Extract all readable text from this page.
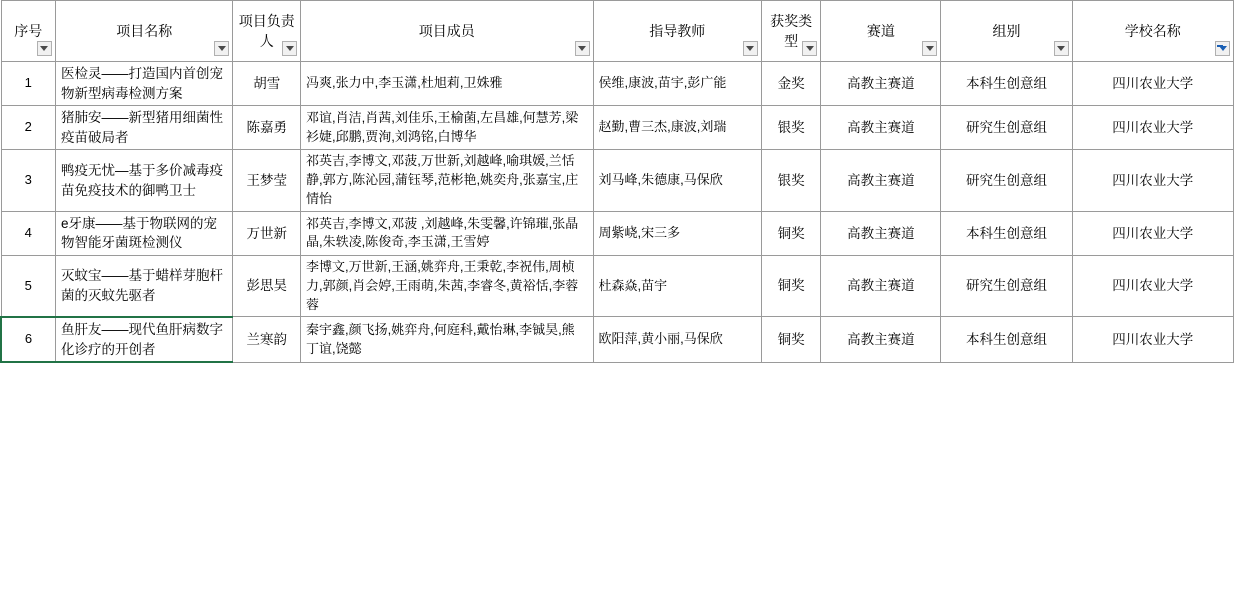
序号	项目名称	项目负责人	项目成员	指导教师	获奖类型	赛道	组别	学校名称

1	医检灵——打造国内首创宠物新型病毒检测方案	胡雪	冯爽,张力中,李玉潇,杜旭莉,卫姝雅	侯维,康波,苗宇,彭广能	金奖	高教主赛道	本科生创意组	四川农业大学
2	猪肺安——新型猪用细菌性疫苗破局者	陈嘉勇	邓谊,肖洁,肖茜,刘佳乐,王榆菌,左昌雄,何慧芳,梁衫婕,邱鹏,贾洵,刘鸿铭,白博华	赵勤,曹三杰,康波,刘瑞	银奖	高教主赛道	研究生创意组	四川农业大学
3	鸭疫无忧—基于多价减毒疫苗免疫技术的御鸭卫士	王梦莹	祁英吉,李博文,邓菠,万世新,刘越峰,喻琪媛,兰恬静,郭方,陈沁园,蒲钰琴,范彬艳,姚奕舟,张嘉宝,庄情怡	刘马峰,朱德康,马保欣	银奖	高教主赛道	研究生创意组	四川农业大学
4	e牙康——基于物联网的宠物智能牙菌斑检测仪	万世新	祁英吉,李博文,邓菠 ,刘越峰,朱雯馨,许锦璀,张晶晶,朱轶凌,陈俊奇,李玉潇,王雪婷	周紫峣,宋三多	铜奖	高教主赛道	本科生创意组	四川农业大学
5	灭蚊宝——基于蜡样芽胞杆菌的灭蚊先驱者	彭思昊	李博文,万世新,王涵,姚弈舟,王秉乾,李祝伟,周桢力,郭颜,肖会婷,王雨萌,朱茜,李睿冬,黄裕恬,李蓉蓉	杜森焱,苗宇	铜奖	高教主赛道	研究生创意组	四川农业大学
6	鱼肝友——现代鱼肝病数字化诊疗的开创者	兰寒韵	秦宇鑫,颜飞扬,姚弈舟,何庭科,戴怡琳,李铖昊,熊丁谊,饶懿	欧阳萍,黄小丽,马保欣	铜奖	高教主赛道	本科生创意组	四川农业大学
